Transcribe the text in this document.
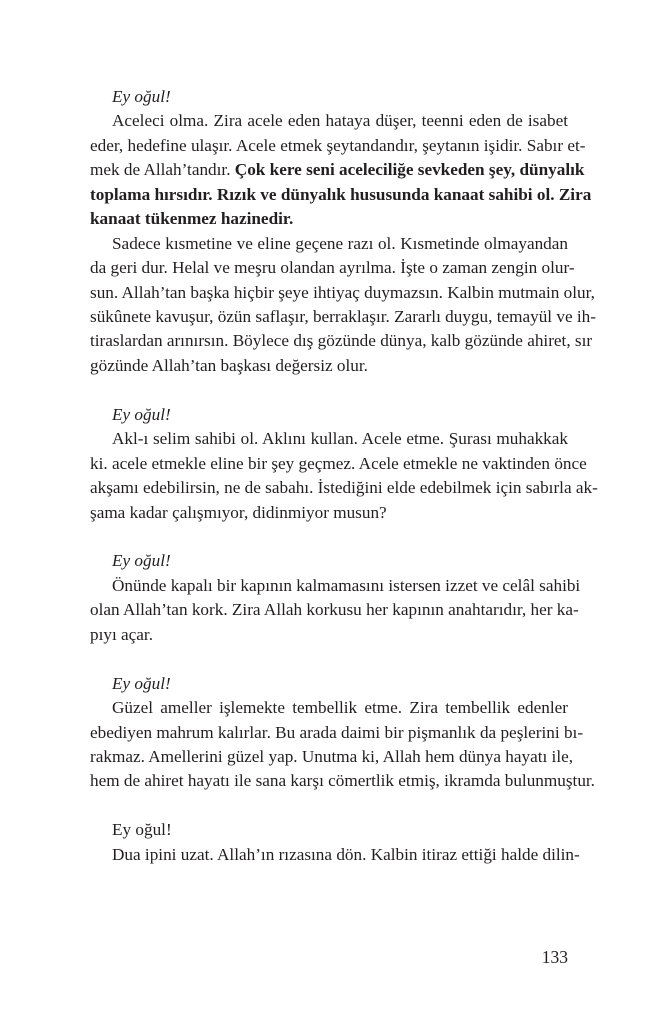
Ey oğul!
Aceleci olma. Zira acele eden hataya düşer, teenni eden de isabet
eder, hedefine ulaşır. Acele etmek şeytandandır, şeytanın işidir. Sabır et-
mek de Allah’tandır. Çok kere seni aceleciliğe sevkeden şey, dünyalık
toplama hırsıdır. Rızık ve dünyalık hususunda kanaat sahibi ol. Zira
kanaat tükenmez hazinedir.
Sadece kısmetine ve eline geçene razı ol. Kısmetinde olmayandan
da geri dur. Helal ve meşru olandan ayrılma. İşte o zaman zengin olur-
sun. Allah’tan başka hiçbir şeye ihtiyaç duymazsın. Kalbin mutmain olur,
sükûnete kavuşur, özün saflaşır, berraklaşır. Zararlı duygu, temayül ve ih-
tiraslardan arınırsın. Böylece dış gözünde dünya, kalb gözünde ahiret, sır
gözünde Allah’tan başkası değersiz olur.
Ey oğul!
Akl-ı selim sahibi ol. Aklını kullan. Acele etme. Şurası muhakkak
ki. acele etmekle eline bir şey geçmez. Acele etmekle ne vaktinden önce
akşamı edebilirsin, ne de sabahı. İstediğini elde edebilmek için sabırla ak-
şama kadar çalışmıyor, didinmiyor musun?
Ey oğul!
Önünde kapalı bir kapının kalmamasını istersen izzet ve celâl sahibi
olan Allah’tan kork. Zira Allah korkusu her kapının anahtarıdır, her ka-
pıyı açar.
Ey oğul!
Güzel ameller işlemekte tembellik etme. Zira tembellik edenler
ebediyen mahrum kalırlar. Bu arada daimi bir pişmanlık da peşlerini bı-
rakmaz. Amellerini güzel yap. Unutma ki, Allah hem dünya hayatı ile,
hem de ahiret hayatı ile sana karşı cömertlik etmiş, ikramda bulunmuştur.
Ey oğul!
Dua ipini uzat. Allah’ın rızasına dön. Kalbin itiraz ettiği halde dilin-
133
